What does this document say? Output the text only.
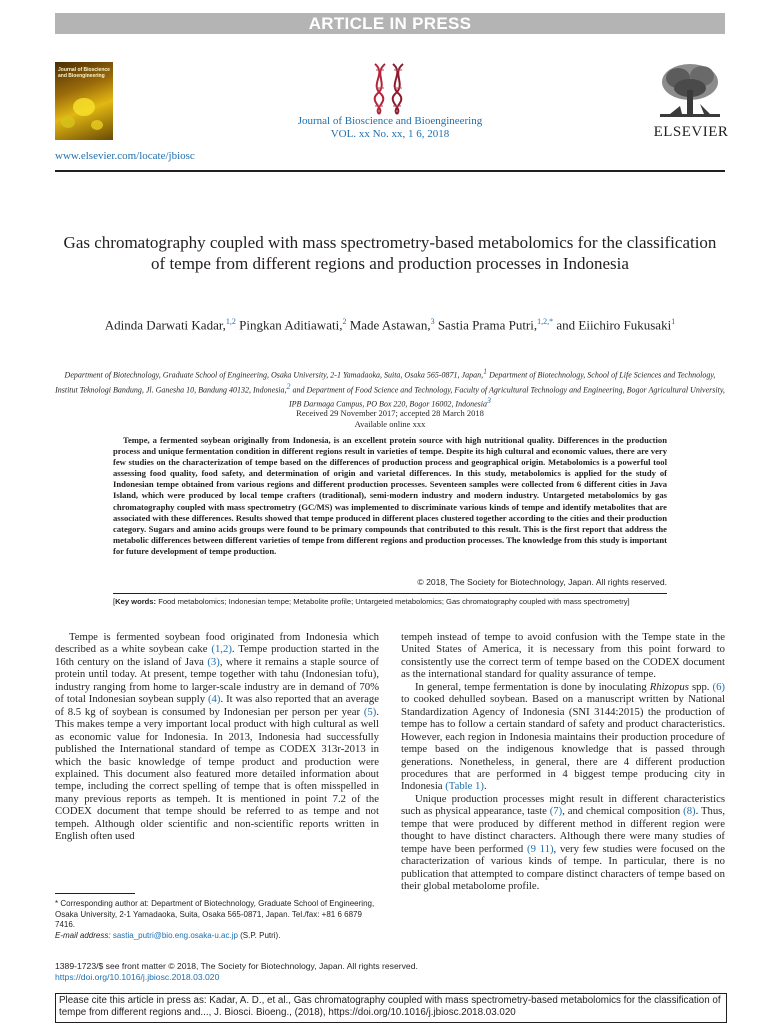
ARTICLE IN PRESS
Journal of Bioscience and Bioengineering
Journal of Bioscience and Bioengineering
VOL. xx No. xx, 1 6, 2018	ELSEVIER
www.elsevier.com/locate/jbiosc
Gas chromatography coupled with mass spectrometry-based metabolomics for the classification of tempe from different regions and production processes in Indonesia
Adinda Darwati Kadar,$^{1,2}$ Pingkan Aditiawati,$^2$ Made Astawan,$^3$ Sastia Prama Putri,$^{1,2,*}$ and Eiichiro Fukusaki$^1$
Department of Biotechnology, Graduate School of Engineering, Osaka University, 2-1 Yamadaoka, Suita, Osaka 565-0871, Japan,$^1$ Department of Biotechnology, School of Life Sciences and Technology, Institut Teknologi Bandung, Jl. Ganesha 10, Bandung 40132, Indonesia,$^2$ and Department of Food Science and Technology, Faculty of Agricultural Technology and Engineering, Bogor Agricultural University, IPB Darmaga Campus, PO Box 220, Bogor 16002, Indonesia$^3$
Received 29 November 2017; accepted 28 March 2018
Available online xxx
Tempe, a fermented soybean originally from Indonesia, is an excellent protein source with high nutritional quality. Differences in the production process and unique fermentation condition in different regions result in varieties of tempe. Despite its high cultural and economic values, there are very few studies on the characterization of tempe based on the differences of production process and geographical origin. Metabolomics is a powerful tool assessing food quality, food safety, and determination of origin and varietal differences. In this study, metabolomics is applied for the study of Indonesian tempe obtained from various regions and different production processes. Seventeen samples were collected from 6 different cities in Java Island, which were produced by local tempe crafters (traditional), semi-modern industry and modern industry. Untargeted metabolomics by gas chromatography coupled with mass spectrometry (GC/MS) was implemented to discriminate various kinds of tempe and identify metabolites that are associated with these differences. Results showed that tempe produced in different places clustered together according to the cities and their production category. Sugars and amino acids groups were found to be primary compounds that contributed to this result. This is the first report that address the metabolic differences between different varieties of tempe from different regions and production processes. The knowledge from this study is important for future development of tempe production.
© 2018, The Society for Biotechnology, Japan. All rights reserved.
[Key words: Food metabolomics; Indonesian tempe; Metabolite profile; Untargeted metabolomics; Gas chromatography coupled with mass spectrometry]

Tempe is fermented soybean food originated from Indonesia which described as a white soybean cake (1,2). Tempe production started in the 16th century on the island of Java (3), where it remains a staple source of protein until today. At present, tempe together with tahu (Indonesian tofu), industry ranging from home to larger-scale industry are in demand of 70% of total Indonesian soybean supply (4). It was also reported that an average of 8.5 kg of soybean is consumed by Indonesian per person per year (5). This makes tempe a very important local product with high cultural as well as economic value for Indonesia. In 2013, Indonesia had successfully published the International standard of tempe as CODEX 313r-2013 in which the basic knowledge of tempe product and production were explained. This document also featured more detailed information about tempe, including the correct spelling of tempe that is often misspelled in many previous reports as tempeh. It is mentioned in point 7.2 of the CODEX document that tempe should be referred to as tempe and not tempeh. Although older scientific and non-scientific reports written in English often used

tempeh instead of tempe to avoid confusion with the Tempe state in the United States of America, it is necessary from this point forward to consistently use the correct term of tempe based on the CODEX document as the international standard for quality assurance of tempe.

In general, tempe fermentation is done by inoculating Rhizopus spp. (6) to cooked dehulled soybean. Based on a manuscript written by National Standardization Agency of Indonesia (SNI 3144:2015) the production of tempe has to follow a certain standard of safety and product characteristics. However, each region in Indonesia maintains their production procedure of tempe based on the indigenous knowledge that is passed through generations. Nonetheless, in general, there are 4 different production procedures that are performed in 4 biggest tempe producing city in Indonesia (Table 1).

Unique production processes might result in different characteristics such as physical appearance, taste (7), and chemical composition (8). Thus, tempe that were produced by different method in different region were thought to have distinct characters. Although there were many studies of tempe have been performed (9 11), very few studies were focused on the characterization of various kinds of tempe. In particular, there is no publication that attempted to compare distinct characters of tempe based on their global metabolome profile.

* Corresponding author at: Department of Biotechnology, Graduate School of Engineering, Osaka University, 2-1 Yamadaoka, Suita, Osaka 565-0871, Japan. Tel./fax: +81 6 6879 7416.
E-mail address: sastia_putri@bio.eng.osaka-u.ac.jp (S.P. Putri).
1389-1723/$ see front matter © 2018, The Society for Biotechnology, Japan. All rights reserved.
https://doi.org/10.1016/j.jbiosc.2018.03.020
Please cite this article in press as: Kadar, A. D., et al., Gas chromatography coupled with mass spectrometry-based metabolomics for the classification of tempe from different regions and..., J. Biosci. Bioeng., (2018), https://doi.org/10.1016/j.jbiosc.2018.03.020
